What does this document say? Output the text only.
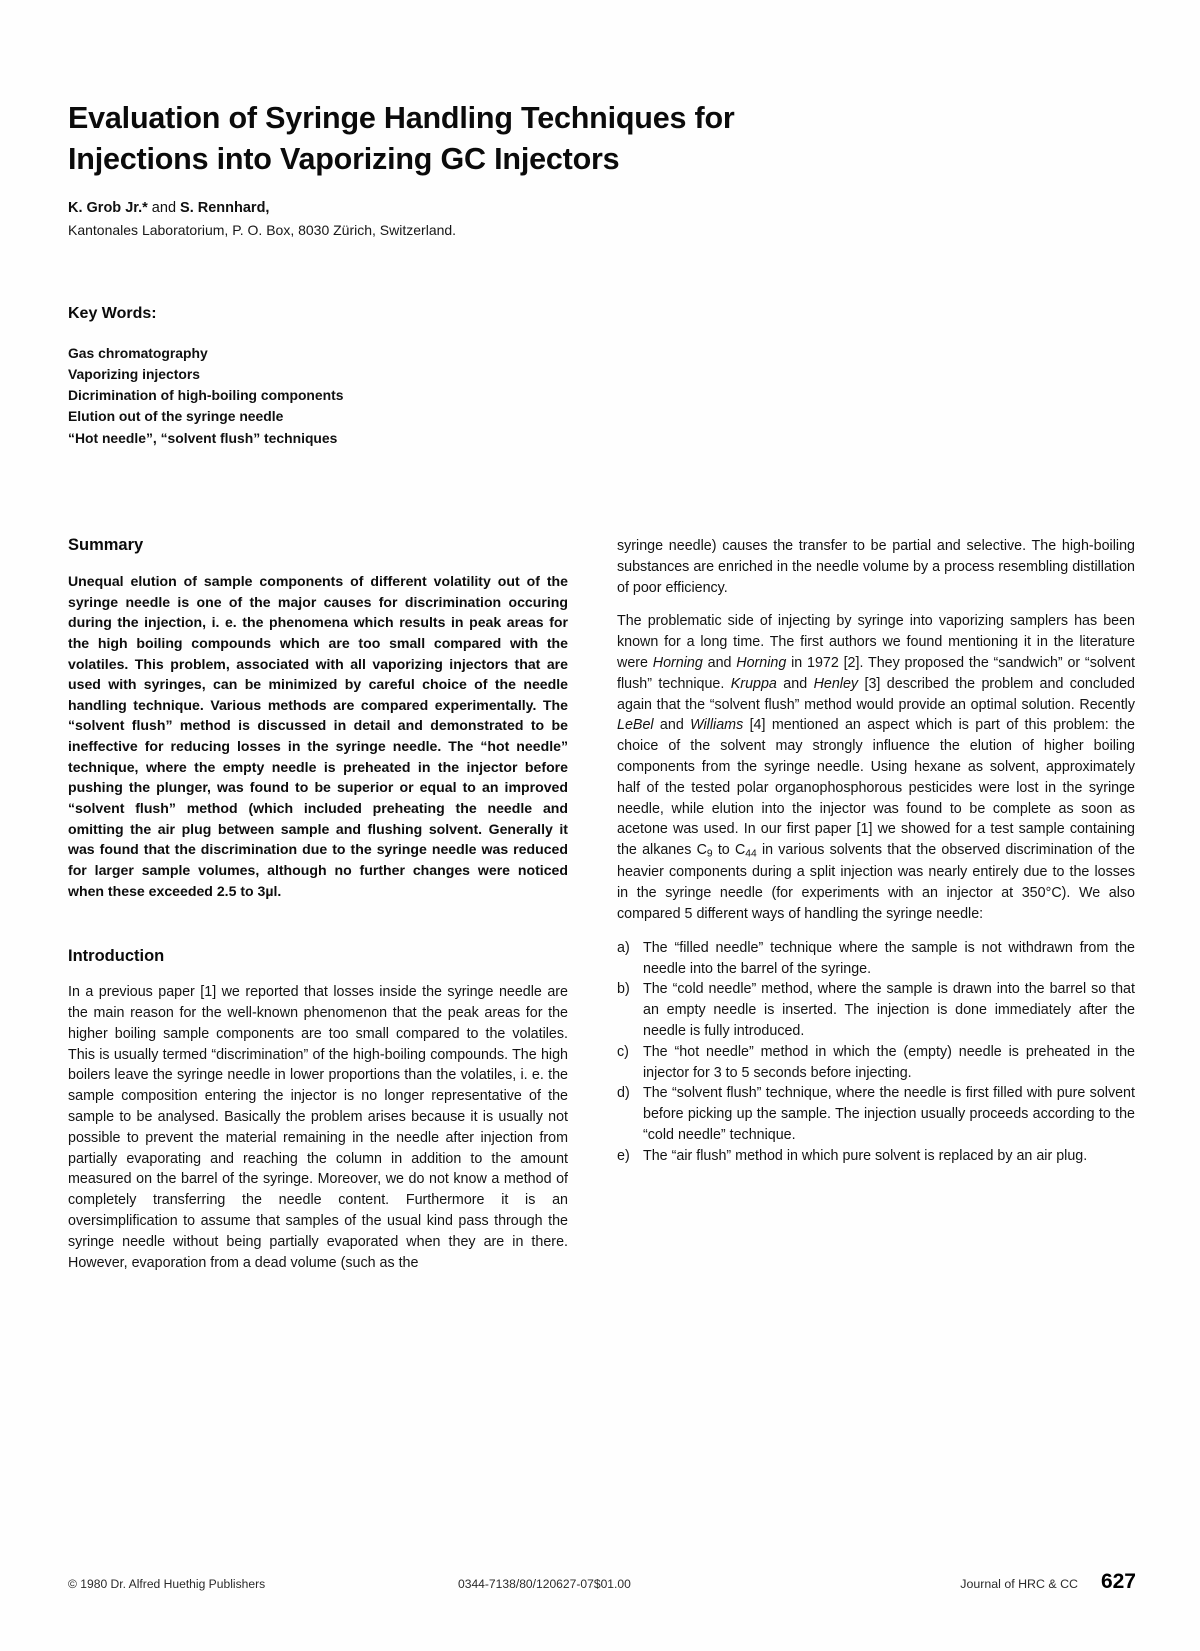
Evaluation of Syringe Handling Techniques for
Injections into Vaporizing GC Injectors
K. Grob Jr.* and S. Rennhard,
Kantonales Laboratorium, P. O. Box, 8030 Zürich, Switzerland.
Key Words:
Gas chromatography
Vaporizing injectors
Dicrimination of high-boiling components
Elution out of the syringe needle
“Hot needle”, “solvent flush” techniques
Summary

Unequal elution of sample components of different volatility out of the syringe needle is one of the major causes for discrimination occuring during the injection, i. e. the phenomena which results in peak areas for the high boiling compounds which are too small compared with the volatiles. This problem, associated with all vaporizing injectors that are used with syringes, can be minimized by careful choice of the needle handling technique. Various methods are compared experimentally. The “solvent flush” method is discussed in detail and demonstrated to be ineffective for reducing losses in the syringe needle. The “hot needle” technique, where the empty needle is preheated in the injector before pushing the plunger, was found to be superior or equal to an improved “solvent flush” method (which included preheating the needle and omitting the air plug between sample and flushing solvent. Generally it was found that the discrimination due to the syringe needle was reduced for larger sample volumes, although no further changes were noticed when these exceeded 2.5 to 3µl.

Introduction

In a previous paper [1] we reported that losses inside the syringe needle are the main reason for the well-known phenomenon that the peak areas for the higher boiling sample components are too small compared to the volatiles. This is usually termed “discrimination” of the high-boiling compounds. The high boilers leave the syringe needle in lower proportions than the volatiles, i. e. the sample composition entering the injector is no longer representative of the sample to be analysed. Basically the problem arises because it is usually not possible to prevent the material remaining in the needle after injection from partially evaporating and reaching the column in addition to the amount measured on the barrel of the syringe. Moreover, we do not know a method of completely transferring the needle content. Furthermore it is an oversimplification to assume that samples of the usual kind pass through the syringe needle without being partially evaporated when they are in there. However, evaporation from a dead volume (such as the

syringe needle) causes the transfer to be partial and selective. The high-boiling substances are enriched in the needle volume by a process resembling distillation of poor efficiency.

The problematic side of injecting by syringe into vaporizing samplers has been known for a long time. The first authors we found mentioning it in the literature were Horning and Horning in 1972 [2]. They proposed the “sandwich” or “solvent flush” technique. Kruppa and Henley [3] described the problem and concluded again that the “solvent flush” method would provide an optimal solution. Recently LeBel and Williams [4] mentioned an aspect which is part of this problem: the choice of the solvent may strongly influence the elution of higher boiling components from the syringe needle. Using hexane as solvent, approximately half of the tested polar organophosphorous pesticides were lost in the syringe needle, while elution into the injector was found to be complete as soon as acetone was used. In our first paper [1] we showed for a test sample containing the alkanes $C_9$ to $C_{44}$ in various solvents that the observed discrimination of the heavier components during a split injection was nearly entirely due to the losses in the syringe needle (for experiments with an injector at 350°C). We also compared 5 different ways of handling the syringe needle:

a) The “filled needle” technique where the sample is not withdrawn from the needle into the barrel of the syringe.
b) The “cold needle” method, where the sample is drawn into the barrel so that an empty needle is inserted. The injection is done immediately after the needle is fully introduced.
c) The “hot needle” method in which the (empty) needle is preheated in the injector for 3 to 5 seconds before injecting.
d) The “solvent flush” technique, where the needle is first filled with pure solvent before picking up the sample. The injection usually proceeds according to the “cold needle” technique.
e) The “air flush” method in which pure solvent is replaced by an air plug.
© 1980 Dr. Alfred Huethig Publishers	0344-7138/80/120627-07$01.00	Journal of HRC & CC	627
